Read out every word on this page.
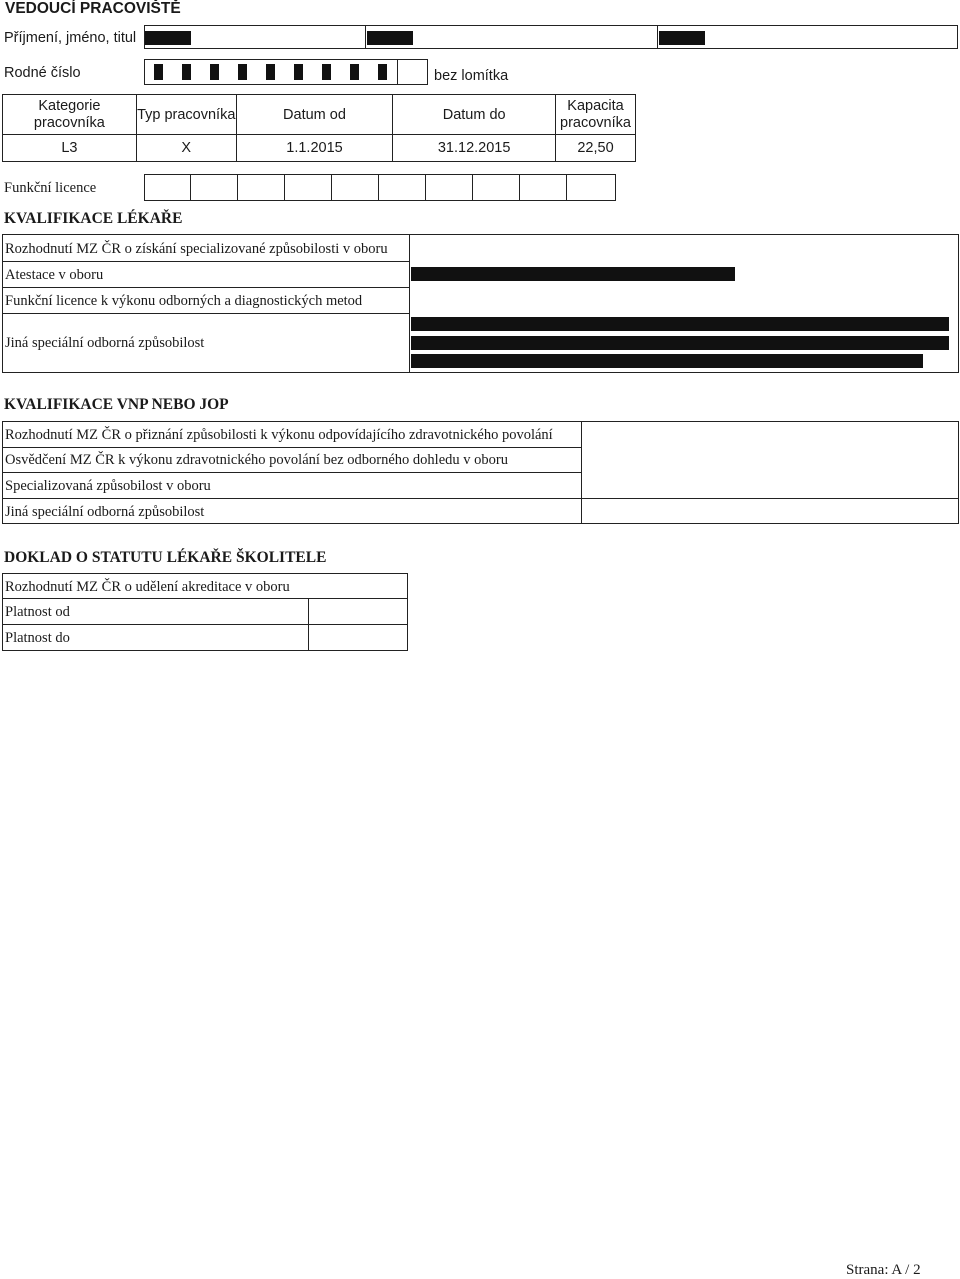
VEDOUCÍ PRACOVIŠTĚ
Příjmení, jméno, titul
Rodné číslo	bez lomítka
Kategorie pracovníka	Typ pracovníka	Datum od	Datum do	Kapacita pracovníka

L3	X	1.1.2015	31.12.2015	22,50
Funkční licence
KVALIFIKACE LÉKAŘE
Rozhodnutí MZ ČR o získání specializované způsobilosti v oboru
Atestace v oboru
Funkční licence k výkonu odborných a diagnostických metod
Jiná speciální odborná způsobilost
KVALIFIKACE VNP NEBO JOP
Rozhodnutí MZ ČR o přiznání způsobilosti k výkonu odpovídajícího zdravotnického povolání
Osvědčení MZ ČR k výkonu zdravotnického povolání bez odborného dohledu v oboru
Specializovaná způsobilost v oboru
Jiná speciální odborná způsobilost
DOKLAD O STATUTU LÉKAŘE ŠKOLITELE
Rozhodnutí MZ ČR o udělení akreditace v oboru
Platnost od
Platnost do
Strana: A / 2
